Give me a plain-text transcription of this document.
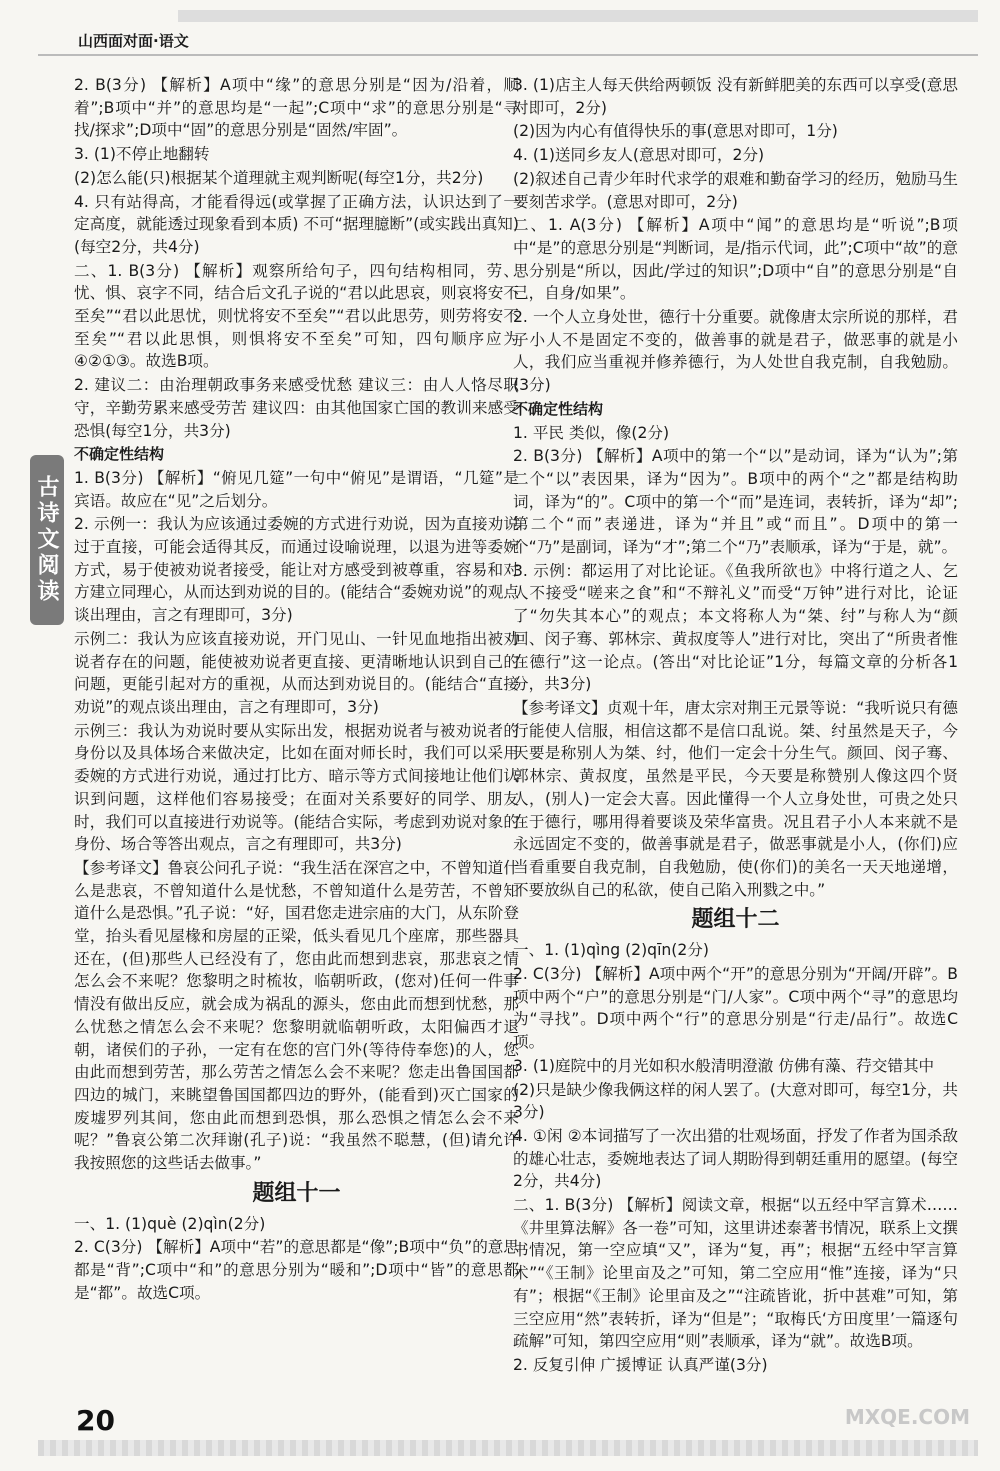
山西面对面·语文
古诗文阅读

2. B(3分) 【解析】A项中“缘”的意思分别是“因为/沿着，顺着”;B项中“并”的意思均是“一起”;C项中“求”的意思分别是“寻找/探求”;D项中“固”的意思分别是“固然/牢固”。

3. (1)不停止地翻转

(2)怎么能(只)根据某个道理就主观判断呢(每空1分，共2分)

4. 只有站得高，才能看得远(或掌握了正确方法，认识达到了一定高度，就能透过现象看到本质) 不可“据理臆断”(或实践出真知)(每空2分，共4分)

二、1. B(3分) 【解析】观察所给句子，四句结构相同，劳、忧、惧、哀字不同，结合后文孔子说的“君以此思哀，则哀将安不至矣”“君以此思忧，则忧将安不至矣”“君以此思劳，则劳将安不至矣”“君以此思惧，则惧将安不至矣”可知，四句顺序应为④②①③。故选B项。

2. 建议二：由治理朝政事务来感受忧愁 建议三：由人人恪尽职守，辛勤劳累来感受劳苦 建议四：由其他国家亡国的教训来感受恐惧(每空1分，共3分)

不确定性结构

1. B(3分) 【解析】“俯见几筵”一句中“俯见”是谓语，“几筵”是宾语。故应在“见”之后划分。

2. 示例一：我认为应该通过委婉的方式进行劝说，因为直接劝说过于直接，可能会适得其反，而通过设喻说理，以退为进等委婉方式，易于使被劝说者接受，能让对方感受到被尊重，容易和对方建立同理心，从而达到劝说的目的。(能结合“委婉劝说”的观点谈出理由，言之有理即可，3分)

示例二：我认为应该直接劝说，开门见山、一针见血地指出被劝说者存在的问题，能使被劝说者更直接、更清晰地认识到自己的问题，更能引起对方的重视，从而达到劝说目的。(能结合“直接劝说”的观点谈出理由，言之有理即可，3分)

示例三：我认为劝说时要从实际出发，根据劝说者与被劝说者的身份以及具体场合来做决定，比如在面对师长时，我们可以采用委婉的方式进行劝说，通过打比方、暗示等方式间接地让他们认识到问题，这样他们容易接受；在面对关系要好的同学、朋友时，我们可以直接进行劝说等。(能结合实际，考虑到劝说对象的身份、场合等答出观点，言之有理即可，共3分)

【参考译文】鲁哀公问孔子说：“我生活在深宫之中，不曾知道什么是悲哀，不曾知道什么是忧愁，不曾知道什么是劳苦，不曾知道什么是恐惧。”孔子说：“好，国君您走进宗庙的大门，从东阶登堂，抬头看见屋椽和房屋的正梁，低头看见几个座席，那些器具还在，(但)那些人已经没有了，您由此而想到悲哀，那悲哀之情怎么会不来呢？您黎明之时梳妆，临朝听政，(您对)任何一件事情没有做出反应，就会成为祸乱的源头，您由此而想到忧愁，那么忧愁之情怎么会不来呢？您黎明就临朝听政，太阳偏西才退朝，诸侯们的子孙，一定有在您的宫门外(等待侍奉您)的人，您由此而想到劳苦，那么劳苦之情怎么会不来呢？您走出鲁国国都四边的城门，来眺望鲁国国都四边的野外，(能看到)灭亡国家的废墟罗列其间，您由此而想到恐惧，那么恐惧之情怎么会不来呢？”鲁哀公第二次拜谢(孔子)说：“我虽然不聪慧，(但)请允许我按照您的这些话去做事。”

题组十一

一、1. (1)què (2)qìn(2分)

2. C(3分) 【解析】A项中“若”的意思都是“像”;B项中“负”的意思都是“背”;C项中“和”的意思分别为“暖和”;D项中“皆”的意思都是“都”。故选C项。

3. (1)店主人每天供给两顿饭 没有新鲜肥美的东西可以享受(意思对即可，2分)

(2)因为内心有值得快乐的事(意思对即可，1分)

4. (1)送同乡友人(意思对即可，2分)

(2)叙述自己青少年时代求学的艰难和勤奋学习的经历，勉励马生要刻苦求学。(意思对即可，2分)

二、1. A(3分) 【解析】A项中“闻”的意思均是“听说”;B项中“是”的意思分别是“判断词，是/指示代词，此”;C项中“故”的意思分别是“所以，因此/学过的知识”;D项中“自”的意思分别是“自己，自身/如果”。

2. 一个人立身处世，德行十分重要。就像唐太宗所说的那样，君子小人不是固定不变的，做善事的就是君子，做恶事的就是小人，我们应当重视并修养德行，为人处世自我克制，自我勉励。(3分)

不确定性结构

1. 平民 类似，像(2分)

2. B(3分) 【解析】A项中的第一个“以”是动词，译为“认为”;第二个“以”表因果，译为“因为”。B项中的两个“之”都是结构助词，译为“的”。C项中的第一个“而”是连词，表转折，译为“却”;第二个“而”表递进，译为“并且”或“而且”。D项中的第一个“乃”是副词，译为“才”;第二个“乃”表顺承，译为“于是，就”。

3. 示例：都运用了对比论证。《鱼我所欲也》中将行道之人、乞人不接受“嗟来之食”和“不辩礼义”而受“万钟”进行对比，论证了“勿失其本心”的观点；本文将称人为“桀、纣”与称人为“颜回、闵子骞、郭林宗、黄叔度等人”进行对比，突出了“所贵者惟在德行”这一论点。(答出“对比论证”1分，每篇文章的分析各1分，共3分)

【参考译文】贞观十年，唐太宗对荆王元景等说：“我听说只有德行能使人信服，相信这都不是信口乱说。桀、纣虽然是天子，今天要是称别人为桀、纣，他们一定会十分生气。颜回、闵子骞、郭林宗、黄叔度，虽然是平民，今天要是称赞别人像这四个贤人，(别人)一定会大喜。因此懂得一个人立身处世，可贵之处只在于德行，哪用得着要谈及荣华富贵。况且君子小人本来就不是永远固定不变的，做善事就是君子，做恶事就是小人，(你们)应当看重要自我克制，自我勉励，使(你们)的美名一天天地递增，不要放纵自己的私欲，使自己陷入刑戮之中。”

题组十二

一、1. (1)qìng (2)qīn(2分)

2. C(3分) 【解析】A项中两个“开”的意思分别为“开阔/开辟”。B项中两个“户”的意思分别是“门/人家”。C项中两个“寻”的意思均为“寻找”。D项中两个“行”的意思分别是“行走/品行”。故选C项。

3. (1)庭院中的月光如积水般清明澄澈 仿佛有藻、荇交错其中

(2)只是缺少像我俩这样的闲人罢了。(大意对即可，每空1分，共3分)

4. ①闲 ②本词描写了一次出猎的壮观场面，抒发了作者为国杀敌的雄心壮志，委婉地表达了词人期盼得到朝廷重用的愿望。(每空2分，共4分)

二、1. B(3分) 【解析】阅读文章，根据“以五经中罕言算术……《井里算法解》各一卷”可知，这里讲述泰著书情况，联系上文撰书情况，第一空应填“又”，译为“复，再”；根据“五经中罕言算术”“《王制》论里亩及之”可知，第二空应用“惟”连接，译为“只有”；根据“《王制》论里亩及之”“注疏皆讹，折中甚难”可知，第三空应用“然”表转折，译为“但是”；“取梅氏‘方田度里’一篇逐句疏解”可知，第四空应用“则”表顺承，译为“就”。故选B项。

2. 反复引伸 广援博证 认真严谨(3分)

20	MXQE.COM
